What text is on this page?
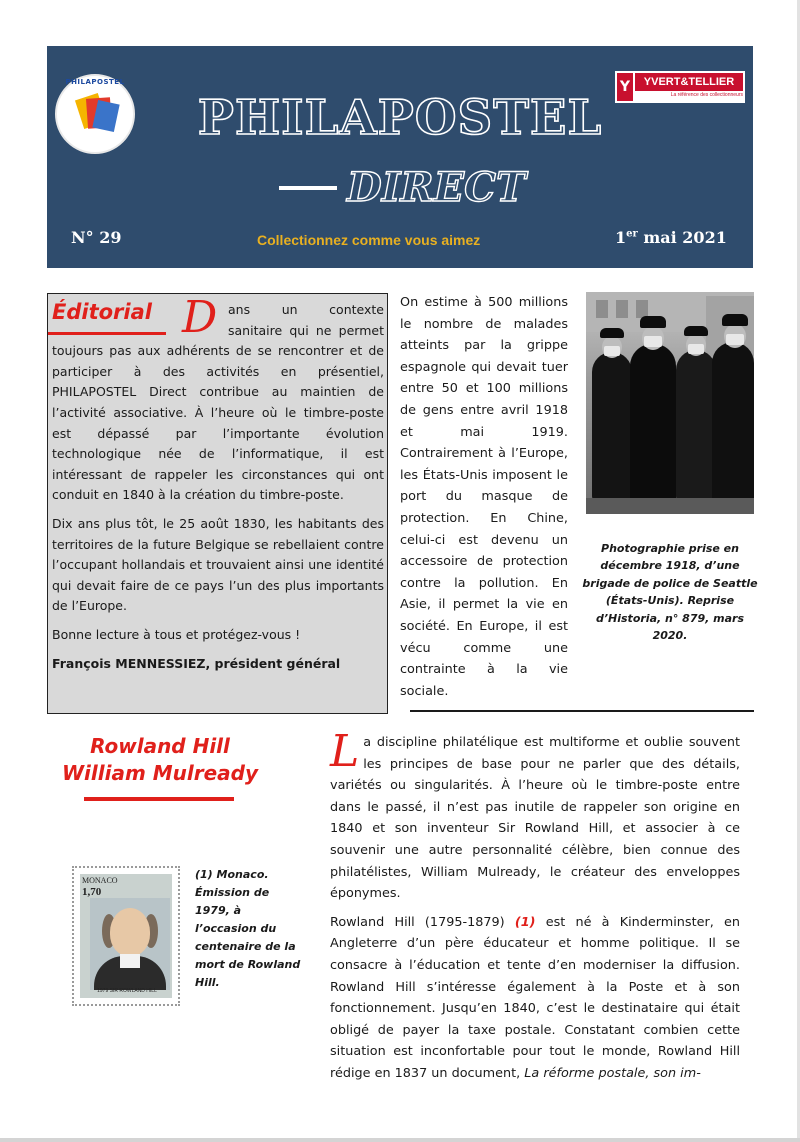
PHILAPOSTEL	Y	YVERT&TELLIER
La référence des collectionneurs
PHILAPOSTEL
DIRECT
N° 29	Collectionnez comme vous aimez	1er mai 2021
Éditorial D ans un contexte sanitaire qui ne permet toujours pas aux adhérents de se rencontrer et de participer à des activités en présentiel, PHILAPOSTEL Direct contribue au maintien de l’activité associative. À l’heure où le timbre-poste est dépassé par l’importante évolution technologique née de l’informatique, il est intéressant de rappeler les circonstances qui ont conduit en 1840 à la création du timbre-poste.

Dix ans plus tôt, le 25 août 1830, les habitants des territoires de la future Belgique se rebellaient contre l’occupant hollandais et trouvaient ainsi une identité qui devait faire de ce pays l’un des plus importants de l’Europe.

Bonne lecture à tous et protégez-vous !

François MENNESSIEZ, président général

On estime à 500 millions le nombre de malades atteints par la grippe espagnole qui devait tuer entre 50 et 100 millions de gens entre avril 1918 et mai 1919. Contrairement à l’Europe, les États-Unis imposent le port du masque de protection. En Chine, celui-ci est devenu un accessoire de protection contre la pollution. En Asie, il permet la vie en société. En Europe, il est vécu comme une contrainte à la vie sociale.
Photographie prise en décembre 1918, d’une brigade de police de Seattle (États-Unis). Reprise d’Historia, n° 879, mars 2020.
Rowland Hill
William Mulready
MONACO
1,70
1979 SIR ROWLAND HILL
(1) Monaco. Émission de 1979, à l’occasion du centenaire de la mort de Rowland Hill.

La discipline philatélique est multiforme et oublie souvent les principes de base pour ne parler que des détails, variétés ou singularités. À l’heure où le timbre-poste entre dans le passé, il n’est pas inutile de rappeler son origine en 1840 et son inventeur Sir Rowland Hill, et associer à ce souvenir une autre personnalité célèbre, bien connue des philatélistes, William Mulready, le créateur des enveloppes éponymes.

Rowland Hill (1795-1879) (1) est né à Kinderminster, en Angleterre d’un père éducateur et homme politique. Il se consacre à l’éducation et tente d’en moderniser la diffusion. Rowland Hill s’intéresse également à la Poste et à son fonctionnement. Jusqu’en 1840, c’est le destinataire qui était obligé de payer la taxe postale. Constatant combien cette situation est inconfortable pour tout le monde, Rowland Hill rédige en 1837 un document, La réforme postale, son im-
